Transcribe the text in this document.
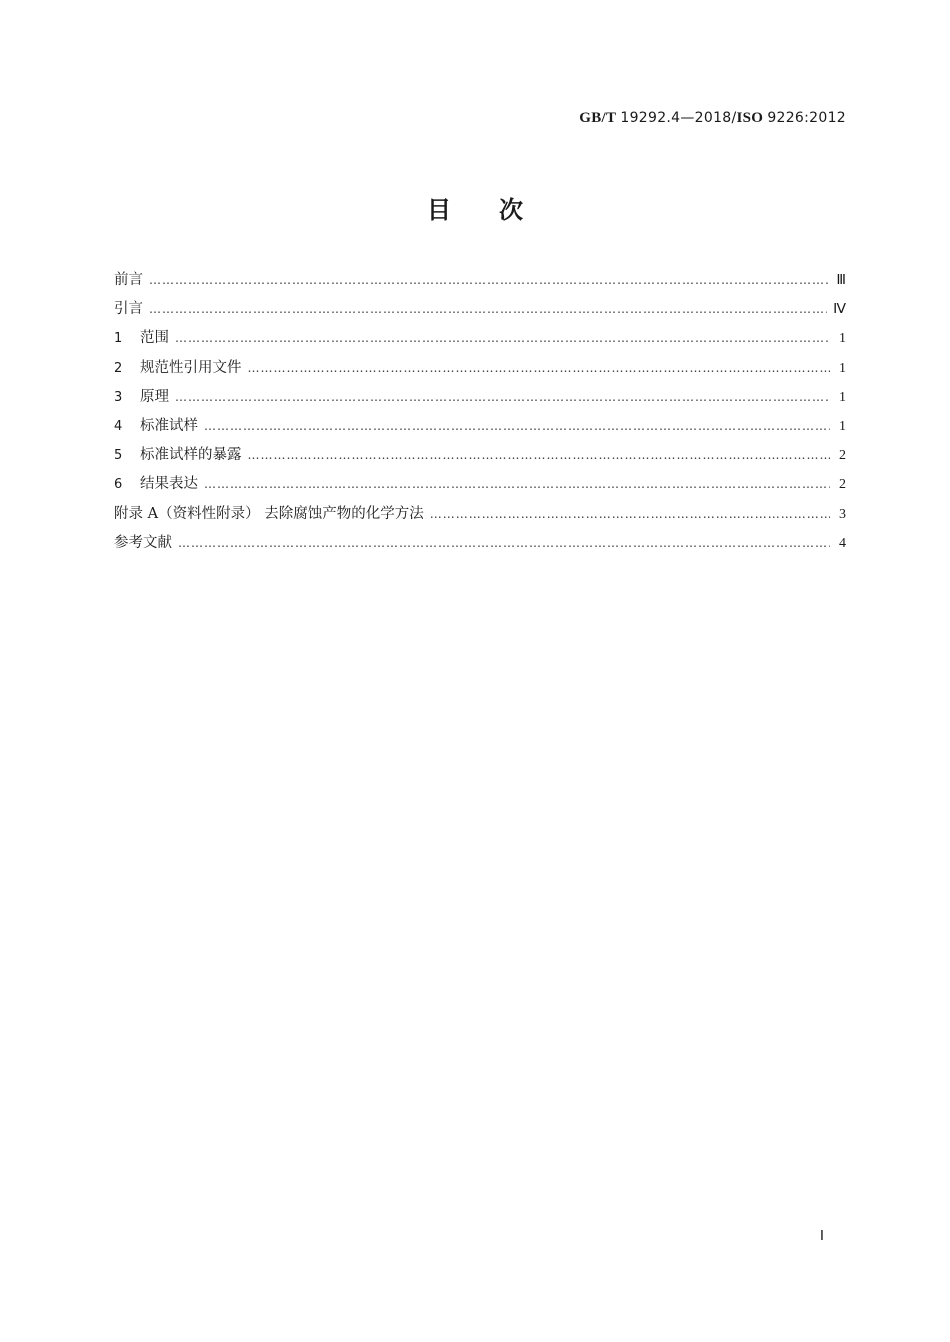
GB/T 19292.4—2018/ISO 9226:2012
目次
前言 ……………………………………………………………………………………………………………………………………………………………………………………………………………………………………	Ⅲ
引言 ……………………………………………………………………………………………………………………………………………………………………………………………………………………………………	Ⅳ
1 范围 ……………………………………………………………………………………………………………………………………………………………………………………………………………………………………	1
2 规范性引用文件 ……………………………………………………………………………………………………………………………………………………………………………………………………………………………………	1
3 原理 ……………………………………………………………………………………………………………………………………………………………………………………………………………………………………	1
4 标准试样 ……………………………………………………………………………………………………………………………………………………………………………………………………………………………………	1
5 标准试样的暴露 ……………………………………………………………………………………………………………………………………………………………………………………………………………………………………	2
6 结果表达 ……………………………………………………………………………………………………………………………………………………………………………………………………………………………………	2
附录 A（资料性附录） 去除腐蚀产物的化学方法 ……………………………………………………………………………………………………………………………………………………………………………………………………………………………………	3
参考文献 ……………………………………………………………………………………………………………………………………………………………………………………………………………………………………	4
Ⅰ
